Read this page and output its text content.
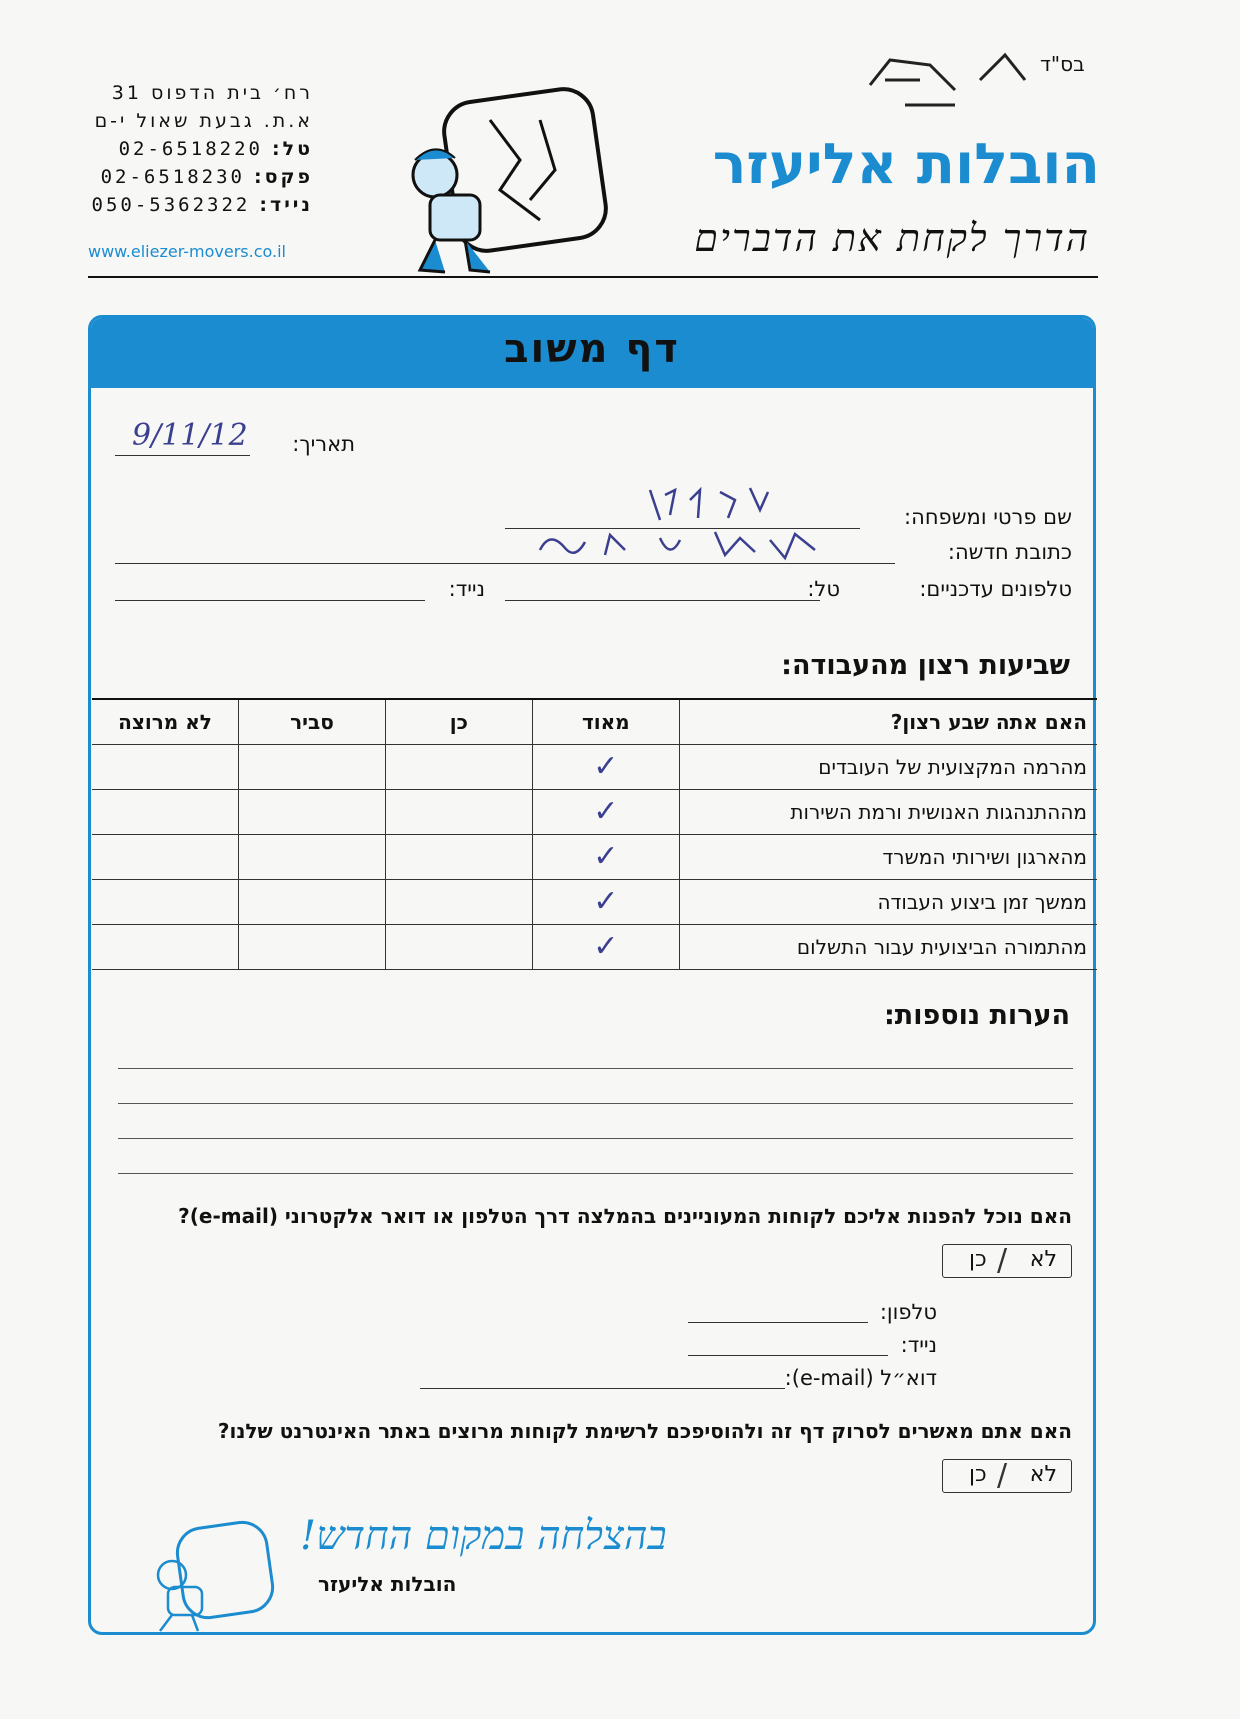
בס"ד
הובלות אליעזר
הדרך לקחת את הדברים
רח׳ בית הדפוס 31
א.ת. גבעת שאול י-ם
טל: 02-6518220
פקס: 02-6518230
נייד: 050-5362322
www.eliezer-movers.co.il
דף משוב
תאריך:
9/11/12
שם פרטי ומשפחה:
כתובת חדשה:
טלפונים עדכניים:
טל:
נייד:
שביעות רצון מהעבודה:
האם אתה שבע רצון?	מאוד	כן	סביר	לא מרוצה
מהרמה המקצועית של העובדים	✓			
מההתנהגות האנושית ורמת השירות	✓			
מהארגון ושירותי המשרד	✓			
ממשך זמן ביצוע העבודה	✓			
מהתמורה הביצועית עבור התשלום	✓			
הערות נוספות:
האם נוכל להפנות אליכם לקוחות המעוניינים בהמלצה דרך הטלפון או דואר אלקטרוני (e-mail)?
לא
/
כן
טלפון:
נייד:
דוא״ל (e-mail):
האם אתם מאשרים לסרוק דף זה ולהוסיפכם לרשימת לקוחות מרוצים באתר האינטרנט שלנו?
לא
/
כן
בהצלחה במקום החדש!
הובלות אליעזר
